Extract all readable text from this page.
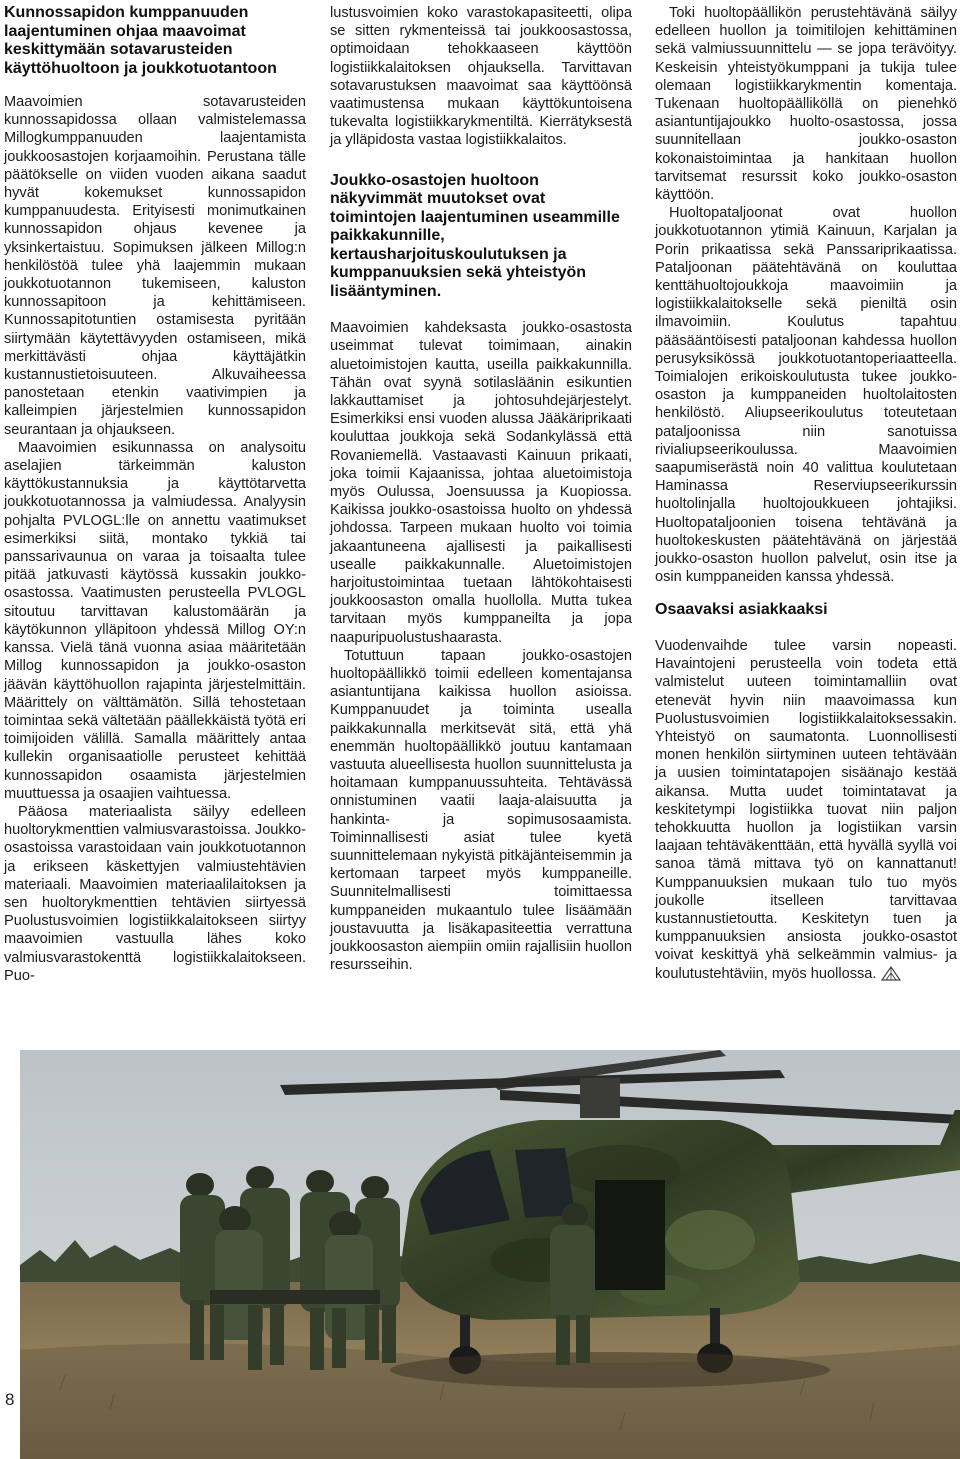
Kunnossapidon kumppanuuden laajentuminen ohjaa maavoimat keskittymään sotavarusteiden käyttöhuoltoon ja joukkotuotantoon

Maavoimien sotavarusteiden kunnossapidossa ollaan valmistelemassa Millogkumppanuuden laajentamista joukkoosastojen korjaamoihin. Perustana tälle päätökselle on viiden vuoden aikana saadut hyvät kokemukset kunnossapidon kumppanuudesta. Erityisesti monimutkainen kunnossapidon ohjaus kevenee ja yksinkertaistuu. Sopimuksen jälkeen Millog:n henkilöstöä tulee yhä laajemmin mukaan joukkotuotannon tukemiseen, kaluston kunnossapitoon ja kehittämiseen. Kunnossapitotuntien ostamisesta pyritään siirtymään käytettävyyden ostamiseen, mikä merkittävästi ohjaa käyttäjätkin kustannustietoisuuteen. Alkuvaiheessa panostetaan etenkin vaativimpien ja kalleimpien järjestelmien kunnossapidon seurantaan ja ohjaukseen.

Maavoimien esikunnassa on analysoitu aselajien tärkeimmän kaluston käyttökustannuksia ja käyttötarvetta joukkotuotannossa ja valmiudessa. Analyysin pohjalta PVLOGL:lle on annettu vaatimukset esimerkiksi siitä, montako tykkiä tai panssarivaunua on varaa ja toisaalta tulee pitää jatkuvasti käytössä kussakin joukko-osastossa. Vaatimusten perusteella PVLOGL sitoutuu tarvittavan kalustomäärän ja käytökunnon ylläpitoon yhdessä Millog OY:n kanssa. Vielä tänä vuonna asiaa määritetään Millog kunnossapidon ja joukko-osaston jäävän käyttöhuollon rajapinta järjestelmittäin. Määrittely on välttämätön. Sillä tehostetaan toimintaa sekä vältetään päällekkäistä työtä eri toimijoiden välillä. Samalla määrittely antaa kullekin organisaatiolle perusteet kehittää kunnossapidon osaamista järjestelmien muuttuessa ja osaajien vaihtuessa.

Pääosa materiaalista säilyy edelleen huoltorykmenttien valmiusvarastoissa. Joukko-osastoissa varastoidaan vain joukkotuotannon ja erikseen käskettyjen valmiustehtävien materiaali. Maavoimien materiaalilaitoksen ja sen huoltorykmenttien tehtävien siirtyessä Puolustusvoimien logistiikkalaitokseen siirtyy maavoimien vastuulla lähes koko valmiusvarastokenttä logistiikkalaitokseen. Puo-

lustusvoimien koko varastokapasiteetti, olipa se sitten rykmenteissä tai joukkoosastossa, optimoidaan tehokkaaseen käyttöön logistiikkalaitoksen ohjauksella. Tarvittavan sotavarustuksen maavoimat saa käyttöönsä vaatimustensa mukaan käyttökuntoisena tukevalta logistiikkarykmentiltä. Kierrätyksestä ja ylläpidosta vastaa logistiikkalaitos.

Joukko-osastojen huoltoon näkyvimmät muutokset ovat toimintojen laajentuminen useammille paikkakunnille, kertausharjoituskoulutuksen ja kumppanuuksien sekä yhteistyön lisääntyminen.

Maavoimien kahdeksasta joukko-osastosta useimmat tulevat toimimaan, ainakin aluetoimistojen kautta, useilla paikkakunnilla. Tähän ovat syynä sotilasläänin esikuntien lakkauttamiset ja johtosuhdejärjestelyt. Esimerkiksi ensi vuoden alussa Jääkäriprikaati kouluttaa joukkoja sekä Sodankylässä että Rovaniemellä. Vastaavasti Kainuun prikaati, joka toimii Kajaanissa, johtaa aluetoimistoja myös Oulussa, Joensuussa ja Kuopiossa. Kaikissa joukko-osastoissa huolto on yhdessä johdossa. Tarpeen mukaan huolto voi toimia jakaantuneena ajallisesti ja paikallisesti usealle paikkakunnalle. Aluetoimistojen harjoitustoimintaa tuetaan lähtökohtaisesti joukkoosaston omalla huollolla. Mutta tukea tarvitaan myös kumppaneilta ja jopa naapuripuolustushaarasta.

Totuttuun tapaan joukko-osastojen huoltopäällikkö toimii edelleen komentajansa asiantuntijana kaikissa huollon asioissa. Kumppanuudet ja toiminta usealla paikkakunnalla merkitsevät sitä, että yhä enemmän huoltopäällikkö joutuu kantamaan vastuuta alueellisesta huollon suunnittelusta ja hoitamaan kumppanuussuhteita. Tehtävässä onnistuminen vaatii laaja-alaisuutta ja hankinta- ja sopimusosaamista. Toiminnallisesti asiat tulee kyetä suunnittelemaan nykyistä pitkäjänteisemmin ja kertomaan tarpeet myös kumppaneille. Suunnitelmallisesti toimittaessa kumppaneiden mukaantulo tulee lisäämään joustavuutta ja lisäkapasiteettia verrattuna joukkoosaston aiempiin omiin rajallisiin huollon resursseihin.

Toki huoltopäällikön perustehtävänä säilyy edelleen huollon ja toimitilojen kehittäminen sekä valmiussuunnittelu — se jopa terävöityy. Keskeisin yhteistyökumppani ja tukija tulee olemaan logistiikkarykmentin komentaja. Tukenaan huoltopäälliköllä on pienehkö asiantuntijajoukko huolto-osastossa, jossa suunnitellaan joukko-osaston kokonaistoimintaa ja hankitaan huollon tarvitsemat resurssit koko joukko-osaston käyttöön.

Huoltopataljoonat ovat huollon joukkotuotannon ytimiä Kainuun, Karjalan ja Porin prikaatissa sekä Panssariprikaatissa. Pataljoonan päätehtävänä on kouluttaa kenttähuoltojoukkoja maavoimiin ja logistiikkalaitokselle sekä pieniltä osin ilmavoimiin. Koulutus tapahtuu pääsääntöisesti pataljoonan kahdessa huollon perusyksikössä joukkotuotantoperiaatteella. Toimialojen erikoiskoulutusta tukee joukko-osaston ja kumppaneiden huoltolaitosten henkilöstö. Aliupseerikoulutus toteutetaan pataljoonissa niin sanotuissa rivialiupseerikoulussa. Maavoimien saapumiserästä noin 40 valittua koulutetaan Haminassa Reserviupseerikurssin huoltolinjalla huoltojoukkueen johtajiksi. Huoltopataljoonien toisena tehtävänä ja huoltokeskusten päätehtävänä on järjestää joukko-osaston huollon palvelut, osin itse ja osin kumppaneiden kanssa yhdessä.

Osaavaksi asiakkaaksi

Vuodenvaihde tulee varsin nopeasti. Havaintojeni perusteella voin todeta että valmistelut uuteen toimintamalliin ovat etenevät hyvin niin maavoimassa kun Puolustusvoimien logistiikkalaitoksessakin. Yhteistyö on saumatonta. Luonnollisesti monen henkilön siirtyminen uuteen tehtävään ja uusien toimintatapojen sisäänajo kestää aikansa. Mutta uudet toimintatavat ja keskitetympi logistiikka tuovat niin paljon tehokkuutta huollon ja logistiikan varsin laajaan tehtäväkenttään, että hyvällä syyllä voi sanoa tämä mittava työ on kannattanut! Kumppanuuksien mukaan tulo tuo myös joukolle itselleen tarvittavaa kustannustietoutta. Keskitetyn tuen ja kumppanuuksien ansiosta joukko-osastot voivat keskittyä yhä selkeämmin valmius- ja koulutustehtäviin, myös huollossa.

8
